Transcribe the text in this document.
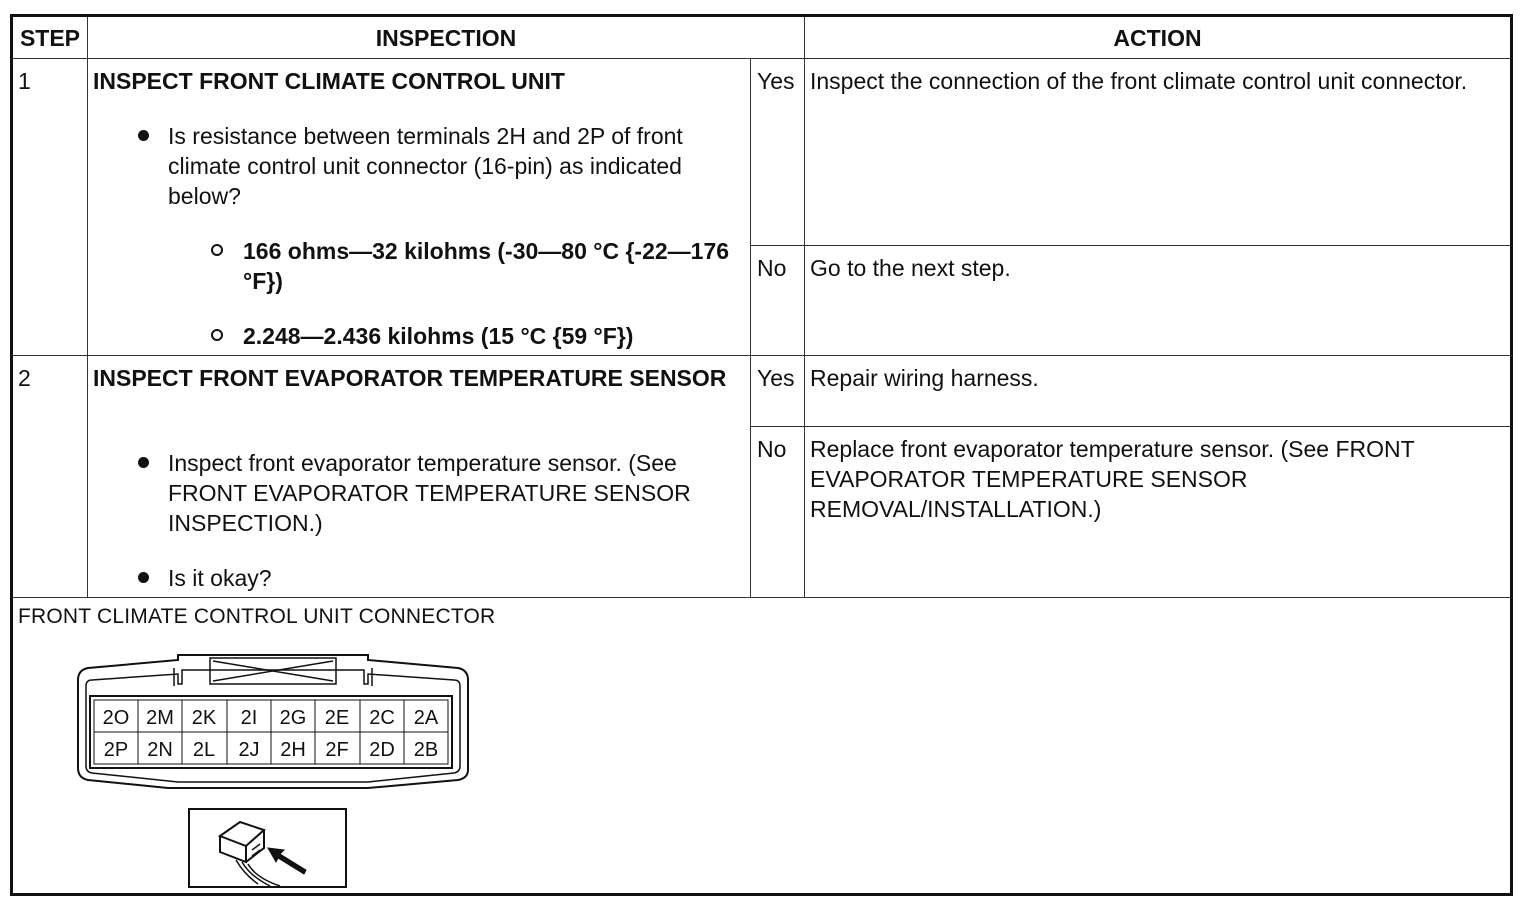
STEP	INSPECTION	ACTION
1	INSPECT FRONT CLIMATE CONTROL UNIT
Is resistance between terminals 2H and 2P of front climate control unit connector (16-pin) as indicated below?
166 ohms—32 kilohms (-30—80 °C {-22—176 °F})
2.248—2.436 kilohms (15 °C {59 °F})
Yes Inspect the connection of the front climate control unit connector.
No Go to the next step.
2	INSPECT FRONT EVAPORATOR TEMPERATURE SENSOR
Inspect front evaporator temperature sensor. (See FRONT EVAPORATOR TEMPERATURE SENSOR INSPECTION.)
Is it okay?
Yes Repair wiring harness.
No Replace front evaporator temperature sensor. (See FRONT EVAPORATOR TEMPERATURE SENSOR REMOVAL/INSTALLATION.)
FRONT CLIMATE CONTROL UNIT CONNECTOR
2O 2M 2K 2I 2G 2E 2C 2A
2P 2N 2L 2J 2H 2F 2D 2B
